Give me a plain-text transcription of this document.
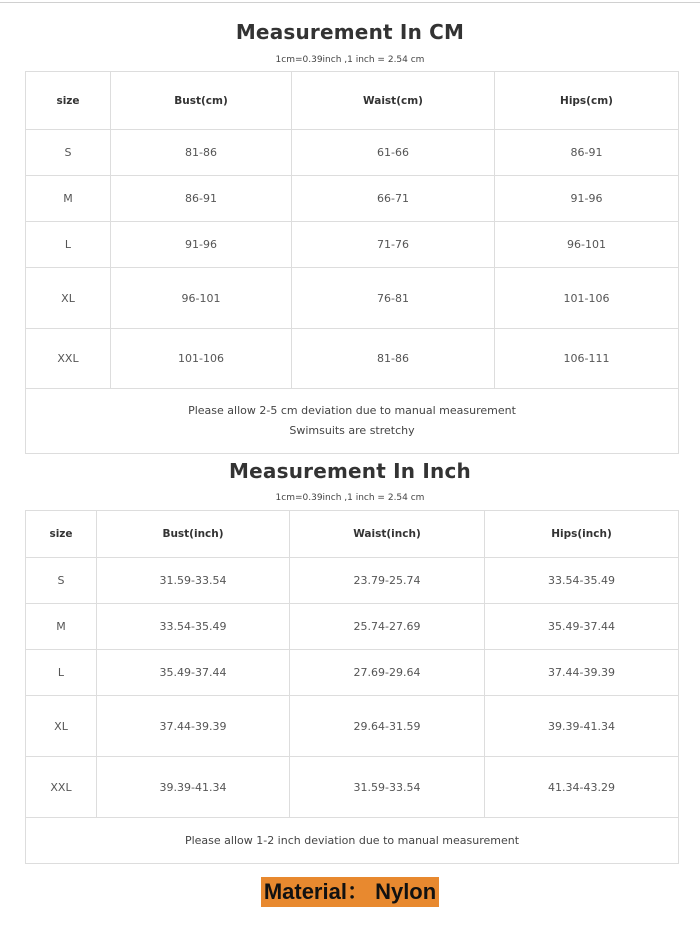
Measurement In CM
1cm=0.39inch ,1 inch = 2.54 cm
size	Bust(cm)	Waist(cm)	Hips(cm)
S	81-86	61-66	86-91
M	86-91	66-71	91-96
L	91-96	71-76	96-101
XL	96-101	76-81	101-106
XXL	101-106	81-86	106-111

Please allow 2-5 cm deviation due to manual measurement
Swimsuits are stretchy			
Measurement In Inch
1cm=0.39inch ,1 inch = 2.54 cm
size	Bust(inch)	Waist(inch)	Hips(inch)
S	31.59-33.54	23.79-25.74	33.54-35.49
M	33.54-35.49	25.74-27.69	35.49-37.44
L	35.49-37.44	27.69-29.64	37.44-39.39
XL	37.44-39.39	29.64-31.59	39.39-41.34
XXL	39.39-41.34	31.59-33.54	41.34-43.29
Please allow 1-2 inch deviation due to manual measurement			
Material： Nylon
